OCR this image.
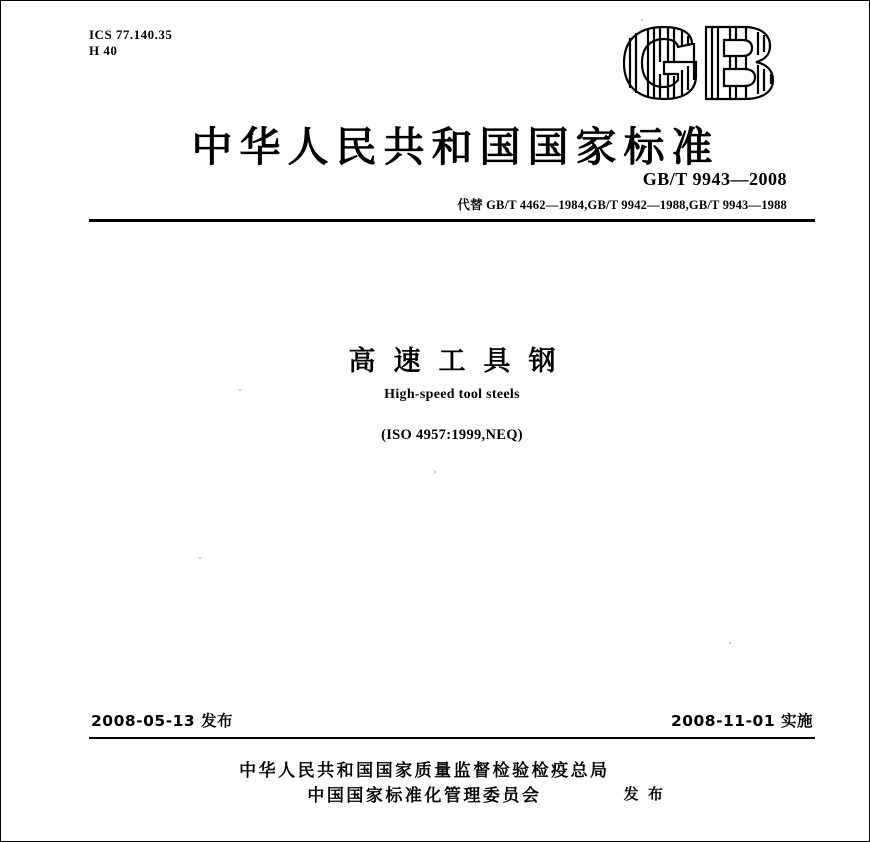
ICS 77.140.35
H 40
中华人民共和国国家标准
GB/T 9943—2008
代替 GB/T 4462—1984,GB/T 9942—1988,GB/T 9943—1988
高速工具钢
High-speed tool steels
(ISO 4957:1999,NEQ)
2008-05-13 发布	2008-11-01 实施
中华人民共和国国家质量监督检验检疫总局
中国国家标准化管理委员会	发 布
